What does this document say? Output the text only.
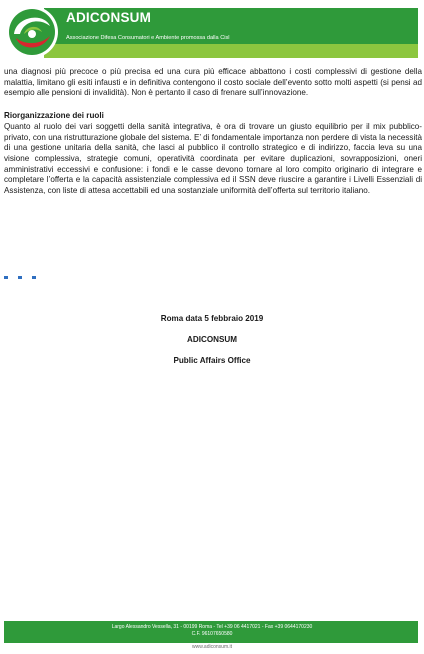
ADICONSUM
Associazione Difesa Consumatori e Ambiente promossa dalla Cisl

una diagnosi più precoce o più precisa ed una cura più efficace abbattono i costi complessivi di gestione della malattia, limitano gli esiti infausti e in definitiva contengono il costo sociale dell’evento sotto molti aspetti (si pensi ad esempio alle pensioni di invalidità). Non è pertanto il caso di frenare sull’innovazione.

Riorganizzazione dei ruoli

Quanto al ruolo dei vari soggetti della sanità integrativa, è ora di trovare un giusto equilibrio per il mix pubblico-privato, con una ristrutturazione globale del sistema. E’ di fondamentale importanza non perdere di vista la necessità di una gestione unitaria della sanità, che lasci al pubblico il controllo strategico e di indirizzo, faccia leva su una visione complessiva, strategie comuni, operatività coordinata per evitare duplicazioni, sovrapposizioni, oneri amministrativi eccessivi e confusione: i fondi e le casse devono tornare al loro compito originario di integrare e completare l’offerta e la capacità assistenziale complessiva ed il SSN deve riuscire a garantire i Livelli Essenziali di Assistenza, con liste di attesa accettabili ed una sostanziale uniformità dell’offerta sul territorio italiano.

Roma data 5 febbraio 2019
ADICONSUM
Public Affairs Office
Largo Alessandro Vessella, 31 - 00199 Roma - Tel +39 06 4417021 - Fax +39 0644170230
C.F. 96107650580
www.adiconsum.it
